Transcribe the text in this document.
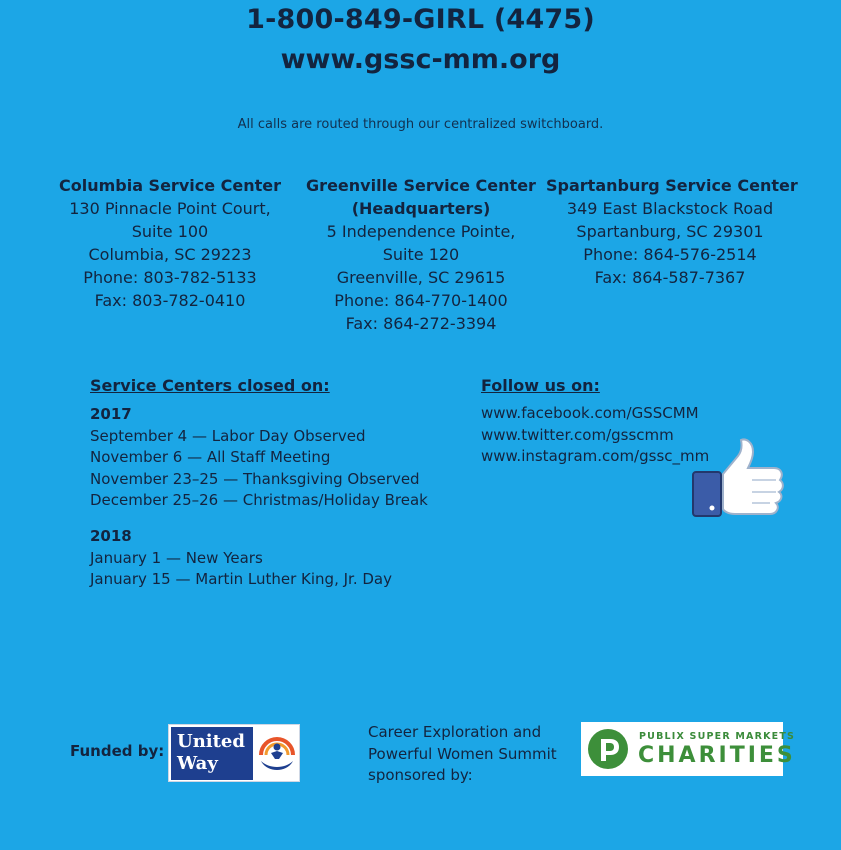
1-800-849-GIRL (4475)
www.gssc-mm.org
All calls are routed through our centralized switchboard.
Columbia Service Center
130 Pinnacle Point Court,
Suite 100
Columbia, SC 29223
Phone: 803-782-5133
Fax: 803-782-0410
Greenville Service Center
(Headquarters)
5 Independence Pointe,
Suite 120
Greenville, SC 29615
Phone: 864-770-1400
Fax: 864-272-3394
Spartanburg Service Center
349 East Blackstock Road
Spartanburg, SC 29301
Phone: 864-576-2514
Fax: 864-587-7367
Service Centers closed on:
2017
September 4 — Labor Day Observed
November 6 — All Staff Meeting
November 23–25 — Thanksgiving Observed
December 25–26 — Christmas/Holiday Break
2018
January 1 — New Years
January 15 — Martin Luther King, Jr. Day
Follow us on:
www.facebook.com/GSSCMM
www.twitter.com/gsscmm
www.instagram.com/gssc_mm
Funded by: United
Way
Career Exploration and
Powerful Women Summit
sponsored by:
PUBLIX SUPER MARKETS
CHARITIES
